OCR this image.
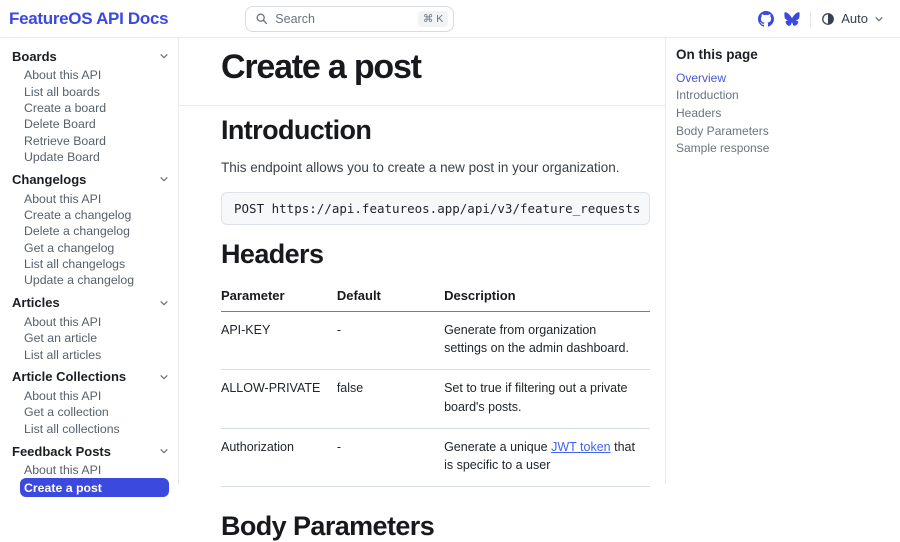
FeatureOS API Docs	Search	⌘ K	Auto
Boards
About this API
List all boards
Create a board
Delete Board
Retrieve Board
Update Board
Changelogs
About this API
Create a changelog
Delete a changelog
Get a changelog
List all changelogs
Update a changelog
Articles
About this API
Get an article
List all articles
Article Collections
About this API
Get a collection
List all collections
Feedback Posts
About this API
Create a post
Create a post
Introduction

This endpoint allows you to create a new post in your organization.

POST https://api.featureos.app/api/v3/feature_requests
Headers
Parameter	Default	Description
API-KEY	-	Generate from organization settings on the admin dashboard.
ALLOW-PRIVATE	false	Set to true if filtering out a private board's posts.
Authorization	-	Generate a unique JWT token that is specific to a user
Body Parameters
On this page
Overview
Introduction
Headers
Body Parameters
Sample response
